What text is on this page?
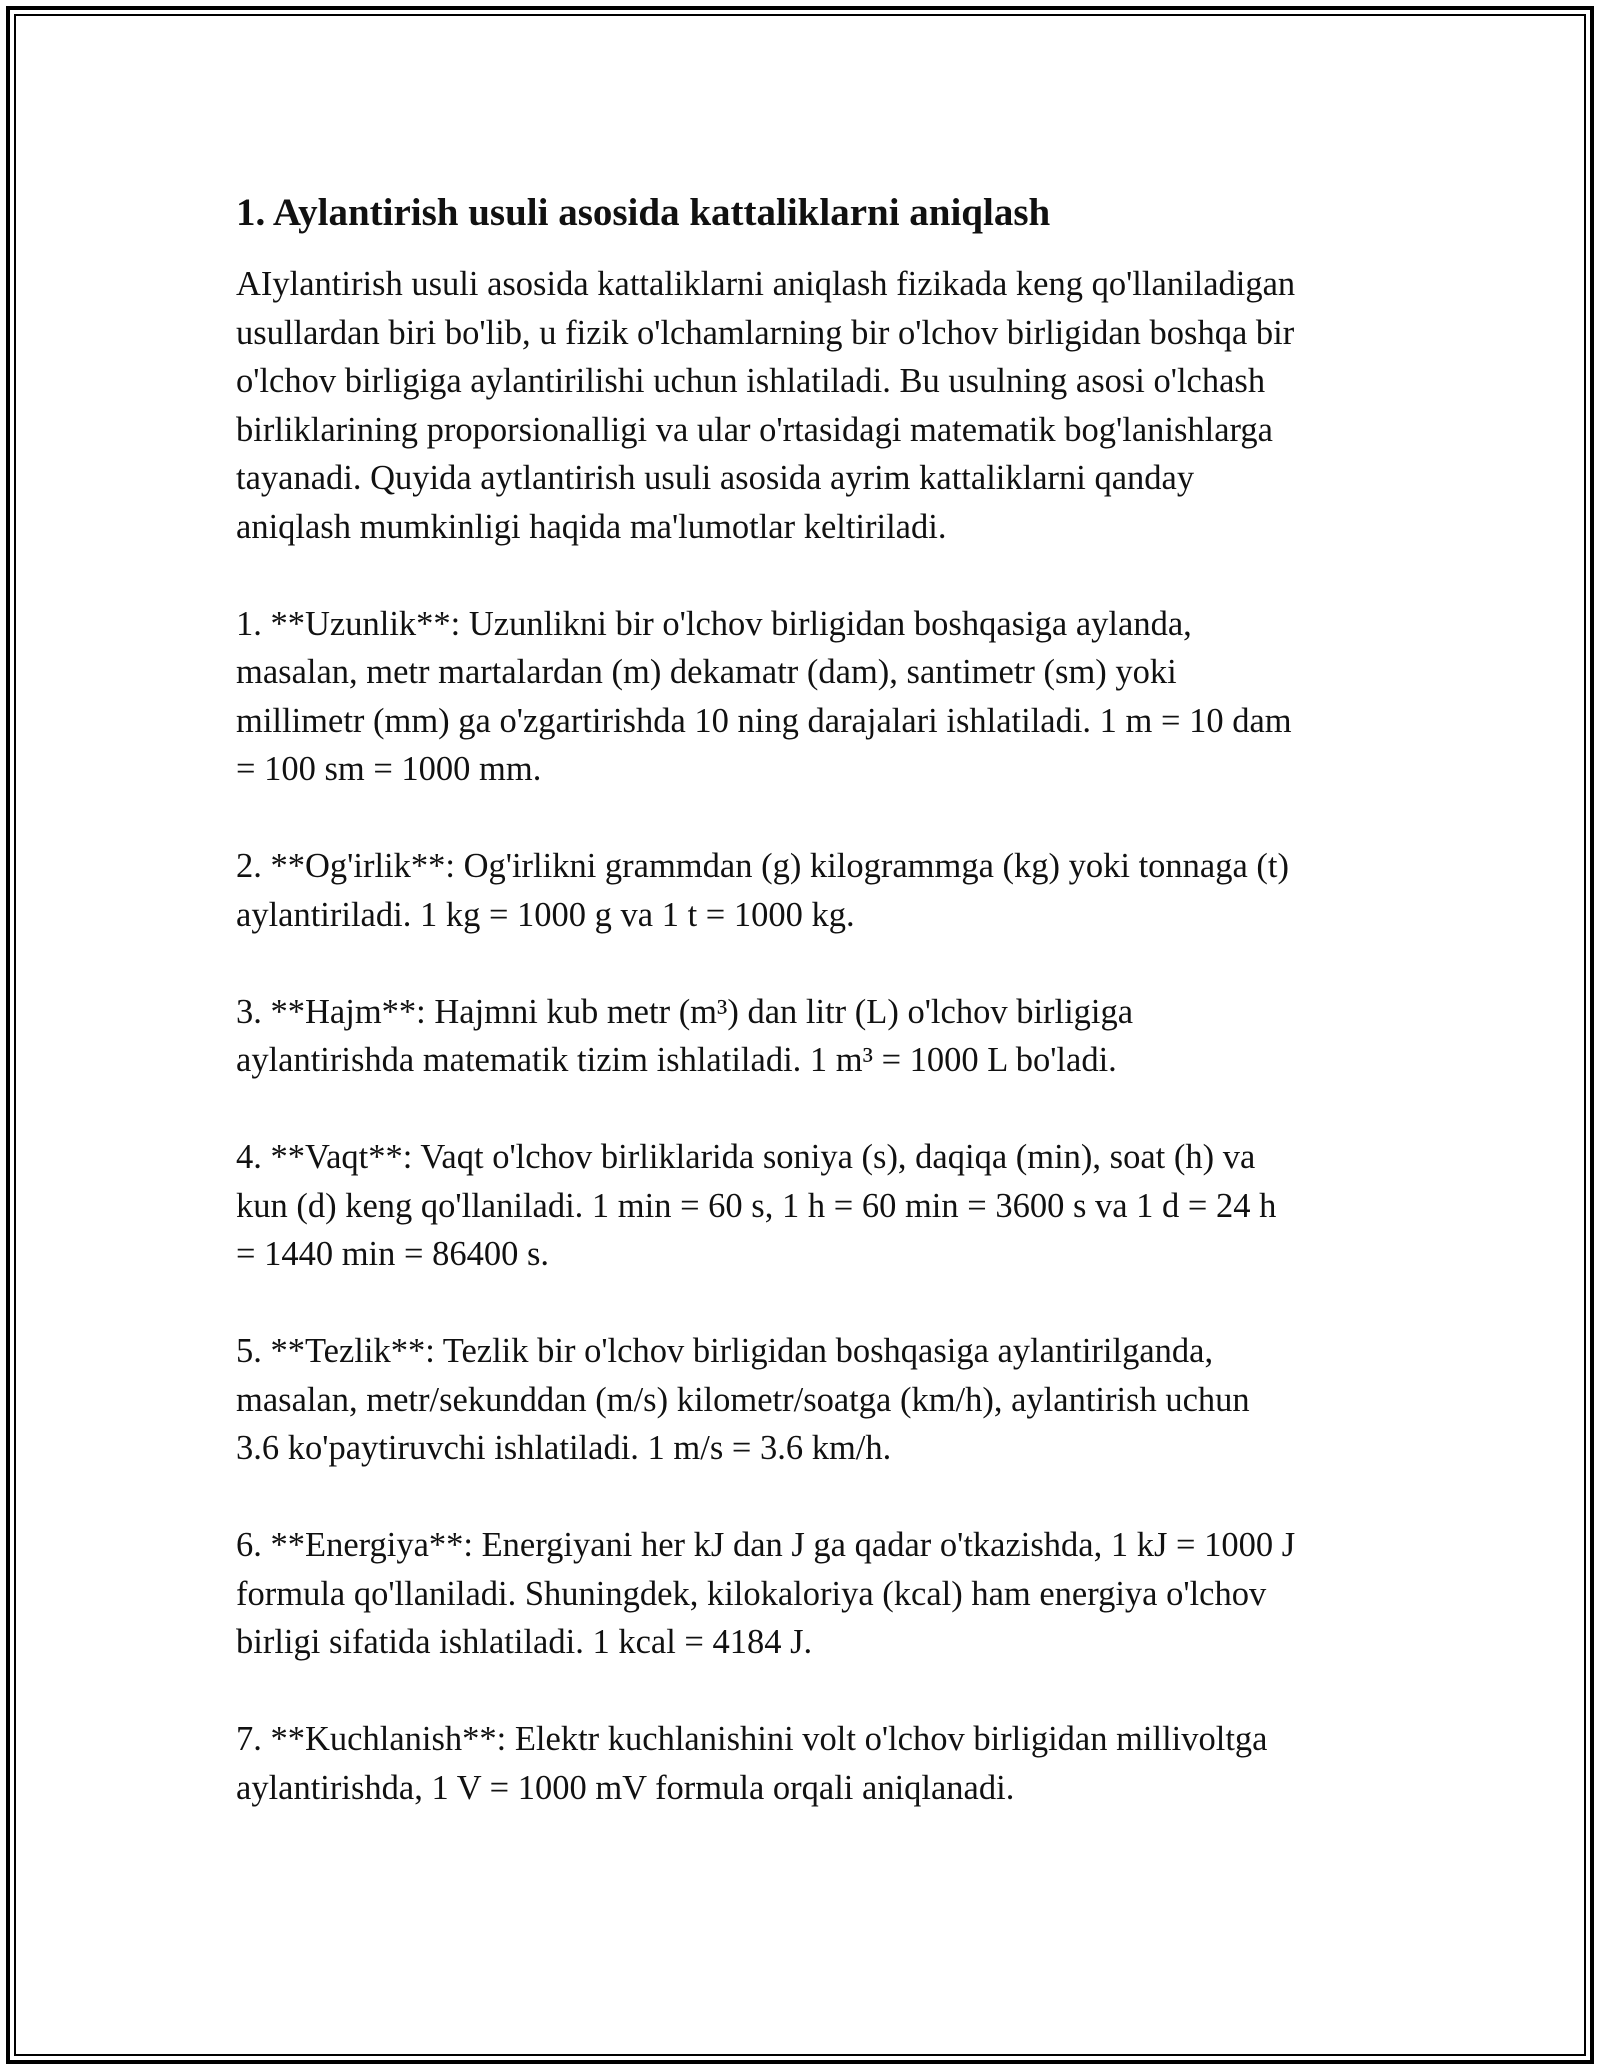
1. Aylantirish usuli asosida kattaliklarni aniqlash

AIylantirish usuli asosida kattaliklarni aniqlash fizikada keng qo'llaniladigan
usullardan biri bo'lib, u fizik o'lchamlarning bir o'lchov birligidan boshqa bir
o'lchov birligiga aylantirilishi uchun ishlatiladi. Bu usulning asosi o'lchash
birliklarining proporsionalligi va ular o'rtasidagi matematik bog'lanishlarga
tayanadi. Quyida aytlantirish usuli asosida ayrim kattaliklarni qanday
aniqlash mumkinligi haqida ma'lumotlar keltiriladi.

1. **Uzunlik**: Uzunlikni bir o'lchov birligidan boshqasiga aylanda,
masalan, metr martalardan (m) dekamatr (dam), santimetr (sm) yoki
millimetr (mm) ga o'zgartirishda 10 ning darajalari ishlatiladi. 1 m = 10 dam
= 100 sm = 1000 mm.

2. **Og'irlik**: Og'irlikni grammdan (g) kilogrammga (kg) yoki tonnaga (t)
aylantiriladi. 1 kg = 1000 g va 1 t = 1000 kg.

3. **Hajm**: Hajmni kub metr (m³) dan litr (L) o'lchov birligiga
aylantirishda matematik tizim ishlatiladi. 1 m³ = 1000 L bo'ladi.

4. **Vaqt**: Vaqt o'lchov birliklarida soniya (s), daqiqa (min), soat (h) va
kun (d) keng qo'llaniladi. 1 min = 60 s, 1 h = 60 min = 3600 s va 1 d = 24 h
= 1440 min = 86400 s.

5. **Tezlik**: Tezlik bir o'lchov birligidan boshqasiga aylantirilganda,
masalan, metr/sekunddan (m/s) kilometr/soatga (km/h), aylantirish uchun
3.6 ko'paytiruvchi ishlatiladi. 1 m/s = 3.6 km/h.

6. **Energiya**: Energiyani her kJ dan J ga qadar o'tkazishda, 1 kJ = 1000 J
formula qo'llaniladi. Shuningdek, kilokaloriya (kcal) ham energiya o'lchov
birligi sifatida ishlatiladi. 1 kcal = 4184 J.

7. **Kuchlanish**: Elektr kuchlanishini volt o'lchov birligidan millivoltga
aylantirishda, 1 V = 1000 mV formula orqali aniqlanadi.
